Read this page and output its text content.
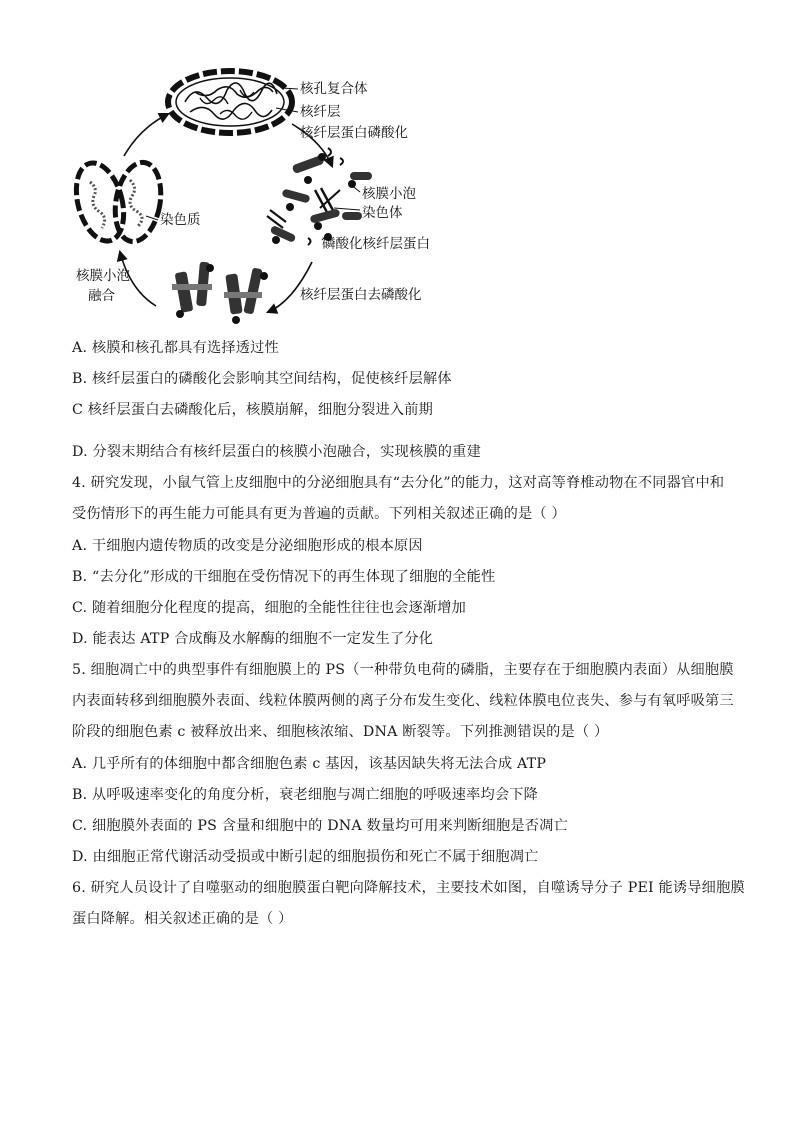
核孔复合体
核纤层
核纤层蛋白磷酸化
核膜小泡
染色体
磷酸化核纤层蛋白
核纤层蛋白去磷酸化
染色质
核膜小泡
融合
A. 核膜和核孔都具有选择透过性
B. 核纤层蛋白的磷酸化会影响其空间结构，促使核纤层解体
C 核纤层蛋白去磷酸化后，核膜崩解，细胞分裂进入前期
D. 分裂末期结合有核纤层蛋白的核膜小泡融合，实现核膜的重建
4. 研究发现，小鼠气管上皮细胞中的分泌细胞具有“去分化”的能力，这对高等脊椎动物在不同器官中和
受伤情形下的再生能力可能具有更为普遍的贡献。下列相关叙述正确的是（ ）
A. 干细胞内遗传物质的改变是分泌细胞形成的根本原因
B. “去分化”形成的干细胞在受伤情况下的再生体现了细胞的全能性
C. 随着细胞分化程度的提高，细胞的全能性往往也会逐渐增加
D. 能表达 ATP 合成酶及水解酶的细胞不一定发生了分化
5. 细胞凋亡中的典型事件有细胞膜上的 PS（一种带负电荷的磷脂，主要存在于细胞膜内表面）从细胞膜
内表面转移到细胞膜外表面、线粒体膜两侧的离子分布发生变化、线粒体膜电位丧失、参与有氧呼吸第三
阶段的细胞色素 c 被释放出来、细胞核浓缩、DNA 断裂等。下列推测错误的是（ ）
A. 几乎所有的体细胞中都含细胞色素 c 基因，该基因缺失将无法合成 ATP
B. 从呼吸速率变化的角度分析，衰老细胞与凋亡细胞的呼吸速率均会下降
C. 细胞膜外表面的 PS 含量和细胞中的 DNA 数量均可用来判断细胞是否凋亡
D. 由细胞正常代谢活动受损或中断引起的细胞损伤和死亡不属于细胞凋亡
6. 研究人员设计了自噬驱动的细胞膜蛋白靶向降解技术，主要技术如图，自噬诱导分子 PEI 能诱导细胞膜
蛋白降解。相关叙述正确的是（ ）
